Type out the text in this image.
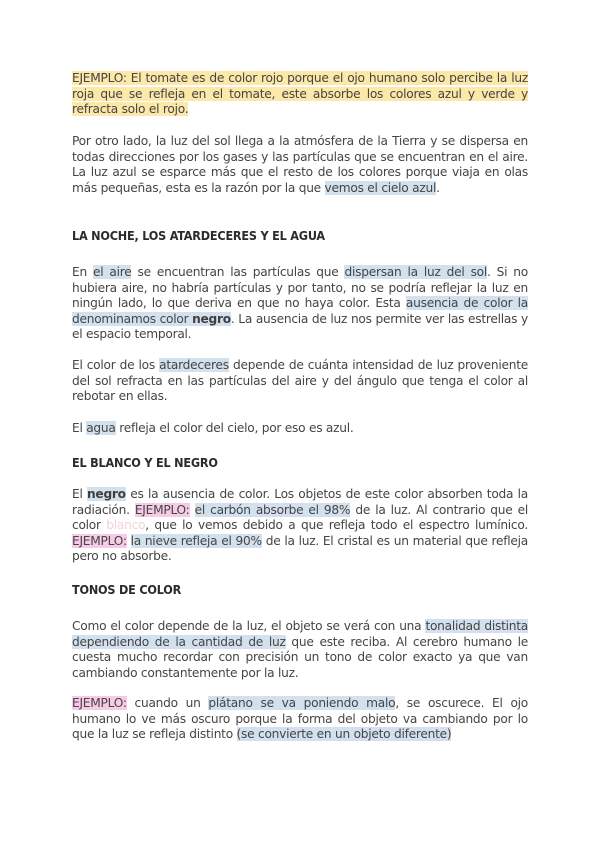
EJEMPLO: El tomate es de color rojo porque el ojo humano solo percibe la luz roja que se refleja en el tomate, este absorbe los colores azul y verde y refracta solo el rojo.

Por otro lado, la luz del sol llega a la atmósfera de la Tierra y se dispersa en todas direcciones por los gases y las partículas que se encuentran en el aire. La luz azul se esparce más que el resto de los colores porque viaja en olas más pequeñas, esta es la razón por la que vemos el cielo azul.

LA NOCHE, LOS ATARDECERES Y EL AGUA

En el aire se encuentran las partículas que dispersan la luz del sol. Si no hubiera aire, no habría partículas y por tanto, no se podría reflejar la luz en ningún lado, lo que deriva en que no haya color. Esta ausencia de color la denominamos color negro. La ausencia de luz nos permite ver las estrellas y el espacio temporal.

El color de los atardeceres depende de cuánta intensidad de luz proveniente del sol refracta en las partículas del aire y del ángulo que tenga el color al rebotar en ellas.

El agua refleja el color del cielo, por eso es azul.

EL BLANCO Y EL NEGRO

El negro es la ausencia de color. Los objetos de este color absorben toda la radiación. EJEMPLO: el carbón absorbe el 98% de la luz. Al contrario que el color blanco, que lo vemos debido a que refleja todo el espectro lumínico. EJEMPLO: la nieve refleja el 90% de la luz. El cristal es un material que refleja pero no absorbe.

TONOS DE COLOR

Como el color depende de la luz, el objeto se verá con una tonalidad distinta dependiendo de la cantidad de luz que este reciba. Al cerebro humano le cuesta mucho recordar con precisión un tono de color exacto ya que van cambiando constantemente por la luz.

EJEMPLO: cuando un plátano se va poniendo malo, se oscurece. El ojo humano lo ve más oscuro porque la forma del objeto va cambiando por lo que la luz se refleja distinto (se convierte en un objeto diferente)
